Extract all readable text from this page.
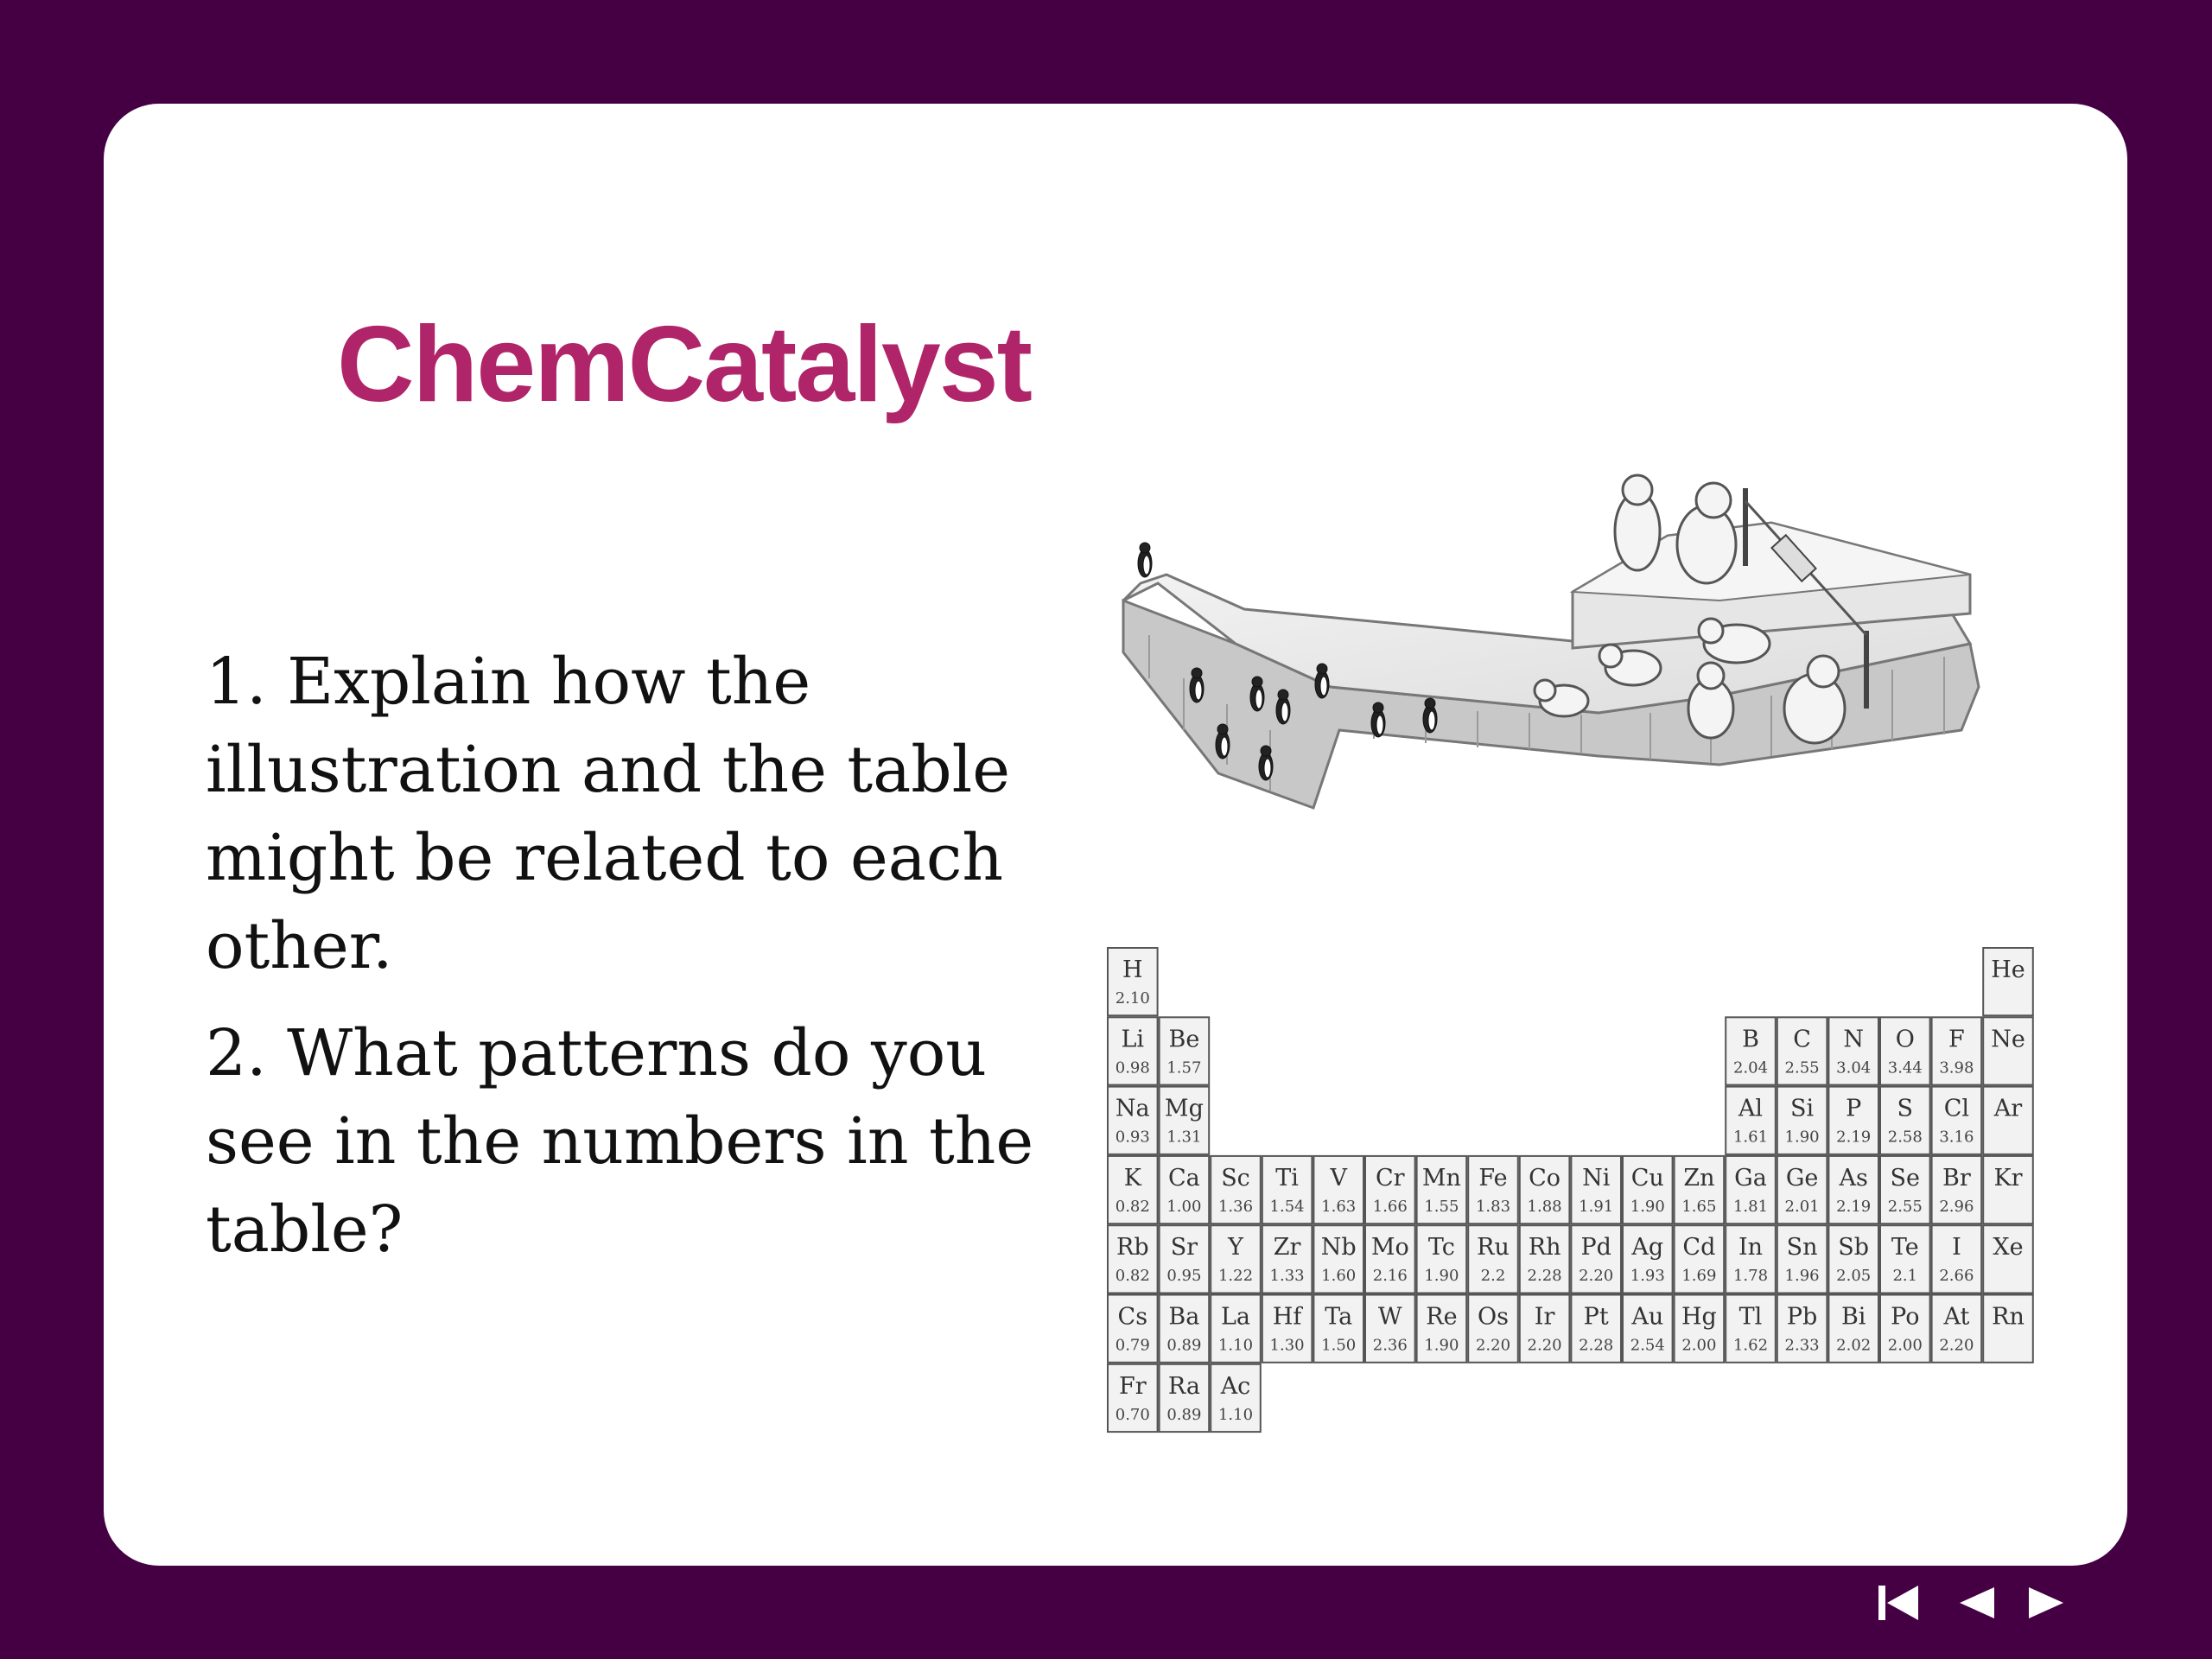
ChemCatalyst

1. Explain how the illustration and the table might be related to each other.

2. What patterns do you see in the numbers in the table?

H
2.10
He
Li
0.98
Be
1.57
B
2.04
C
2.55
N
3.04
O
3.44
F
3.98
Ne
Na
0.93
Mg
1.31
Al
1.61
Si
1.90
P
2.19
S
2.58
Cl
3.16
Ar
K
0.82
Ca
1.00
Sc
1.36
Ti
1.54
V
1.63
Cr
1.66
Mn
1.55
Fe
1.83
Co
1.88
Ni
1.91
Cu
1.90
Zn
1.65
Ga
1.81
Ge
2.01
As
2.19
Se
2.55
Br
2.96
Kr
Rb
0.82
Sr
0.95
Y
1.22
Zr
1.33
Nb
1.60
Mo
2.16
Tc
1.90
Ru
2.2
Rh
2.28
Pd
2.20
Ag
1.93
Cd
1.69
In
1.78
Sn
1.96
Sb
2.05
Te
2.1
I
2.66
Xe
Cs
0.79
Ba
0.89
La
1.10
Hf
1.30
Ta
1.50
W
2.36
Re
1.90
Os
2.20
Ir
2.20
Pt
2.28
Au
2.54
Hg
2.00
Tl
1.62
Pb
2.33
Bi
2.02
Po
2.00
At
2.20
Rn
Fr
0.70
Ra
0.89
Ac
1.10
